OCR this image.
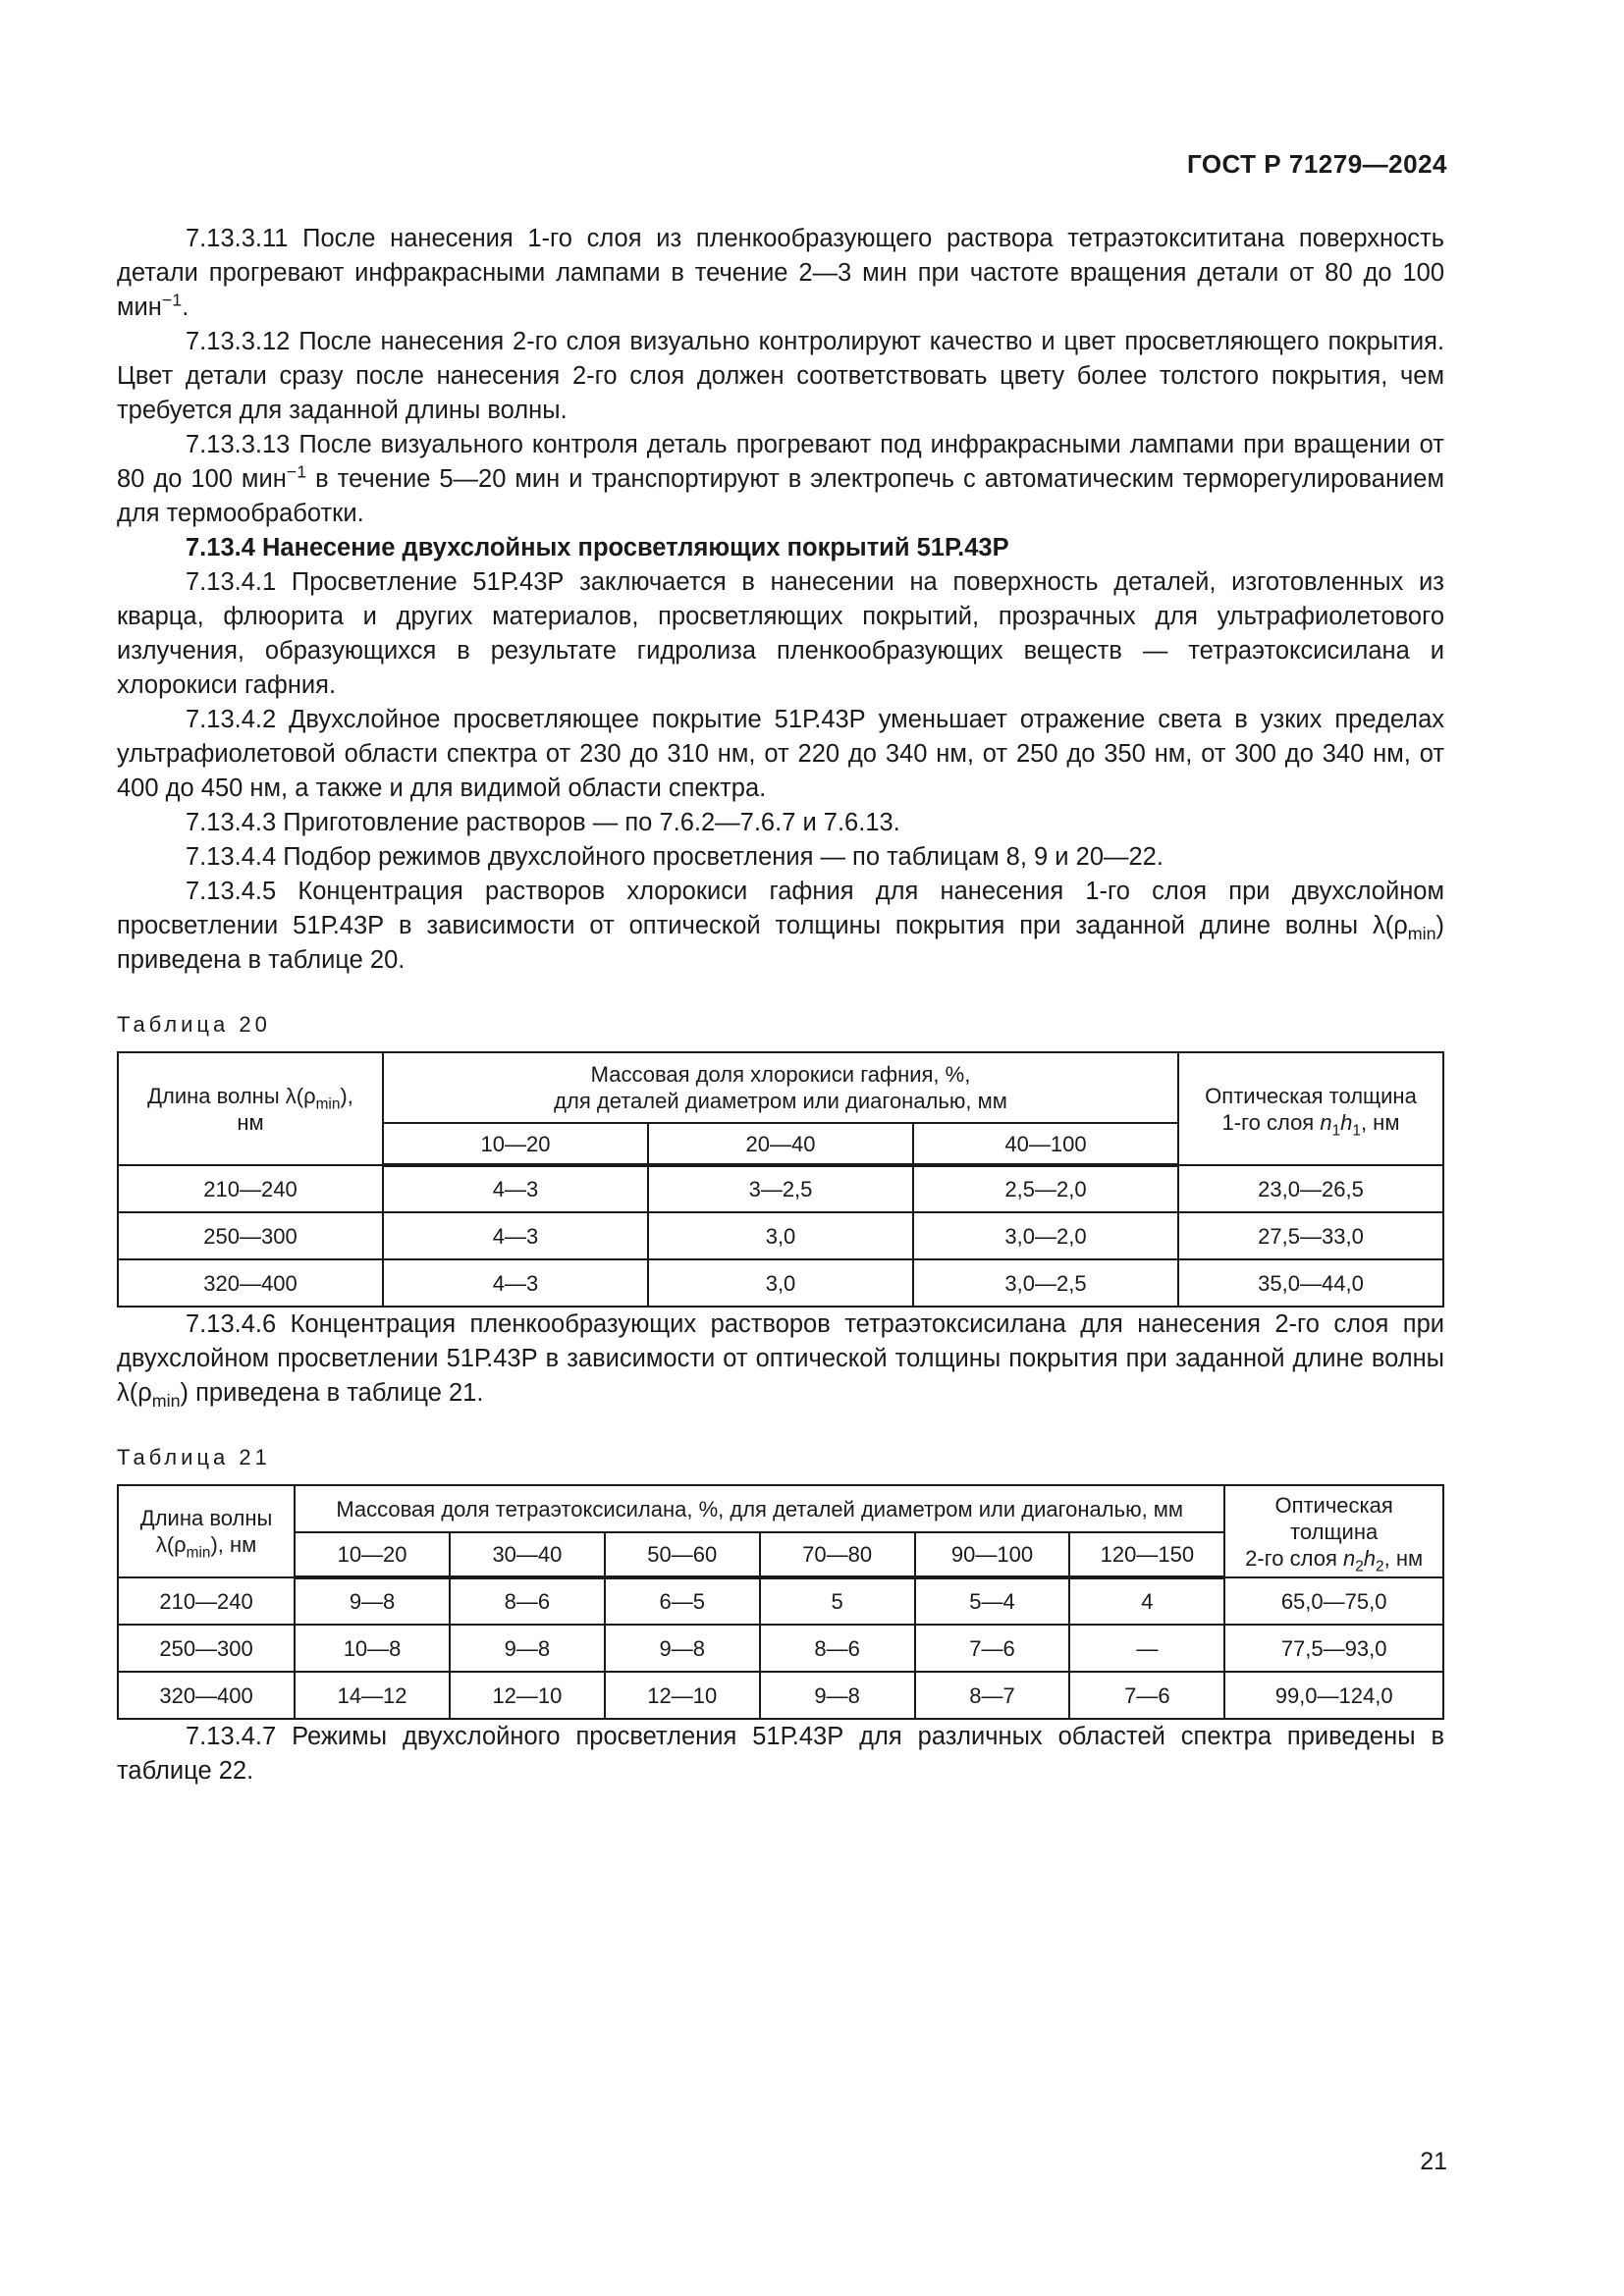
ГОСТ Р 71279—2024

7.13.3.11 После нанесения 1-го слоя из пленкообразующего раствора тетраэтоксититана поверхность детали прогревают инфракрасными лампами в течение 2—3 мин при частоте вращения детали от 80 до 100 мин$^{-1}$.

7.13.3.12 После нанесения 2-го слоя визуально контролируют качество и цвет просветляющего покрытия. Цвет детали сразу после нанесения 2-го слоя должен соответствовать цвету более толстого покрытия, чем требуется для заданной длины волны.

7.13.3.13 После визуального контроля деталь прогревают под инфракрасными лампами при вращении от 80 до 100 мин$^{-1}$ в течение 5—20 мин и транспортируют в электропечь с автоматическим терморегулированием для термообработки.

7.13.4 Нанесение двухслойных просветляющих покрытий 51Р.43Р

7.13.4.1 Просветление 51Р.43Р заключается в нанесении на поверхность деталей, изготовленных из кварца, флюорита и других материалов, просветляющих покрытий, прозрачных для ультрафиолетового излучения, образующихся в результате гидролиза пленкообразующих веществ — тетраэтоксисилана и хлорокиси гафния.

7.13.4.2 Двухслойное просветляющее покрытие 51Р.43Р уменьшает отражение света в узких пределах ультрафиолетовой области спектра от 230 до 310 нм, от 220 до 340 нм, от 250 до 350 нм, от 300 до 340 нм, от 400 до 450 нм, а также и для видимой области спектра.

7.13.4.3 Приготовление растворов — по 7.6.2—7.6.7 и 7.6.13.

7.13.4.4 Подбор режимов двухслойного просветления — по таблицам 8, 9 и 20—22.

7.13.4.5 Концентрация растворов хлорокиси гафния для нанесения 1-го слоя при двухслойном просветлении 51Р.43Р в зависимости от оптической толщины покрытия при заданной длине волны $\lambda(\rho_{min})$ приведена в таблице 20.

Таблица 20
Длина волны $\lambda(\rho_{min})$,
нм	Массовая доля хлорокиси гафния, %,
для деталей диаметром или диагональю, мм			Оптическая толщина
1-го слоя $n_1h_1$, нм
	10—20	20—40	40—100	
210—240	4—3	3—2,5	2,5—2,0	23,0—26,5
250—300	4—3	3,0	3,0—2,0	27,5—33,0
320—400	4—3	3,0	3,0—2,5	35,0—44,0

7.13.4.6 Концентрация пленкообразующих растворов тетраэтоксисилана для нанесения 2-го слоя при двухслойном просветлении 51Р.43Р в зависимости от оптической толщины покрытия при заданной длине волны $\lambda(\rho_{min})$ приведена в таблице 21.

Таблица 21
Длина волны
$\lambda(\rho_{min})$, нм	Массовая доля тетраэтоксисилана, %, для деталей диаметром или диагональю, мм						Оптическая
толщина
2-го слоя $n_2h_2$, нм
	10—20	30—40	50—60	70—80	90—100	120—150	
210—240	9—8	8—6	6—5	5	5—4	4	65,0—75,0
250—300	10—8	9—8	9—8	8—6	7—6	—	77,5—93,0
320—400	14—12	12—10	12—10	9—8	8—7	7—6	99,0—124,0

7.13.4.7 Режимы двухслойного просветления 51Р.43Р для различных областей спектра приведены в таблице 22.

21
